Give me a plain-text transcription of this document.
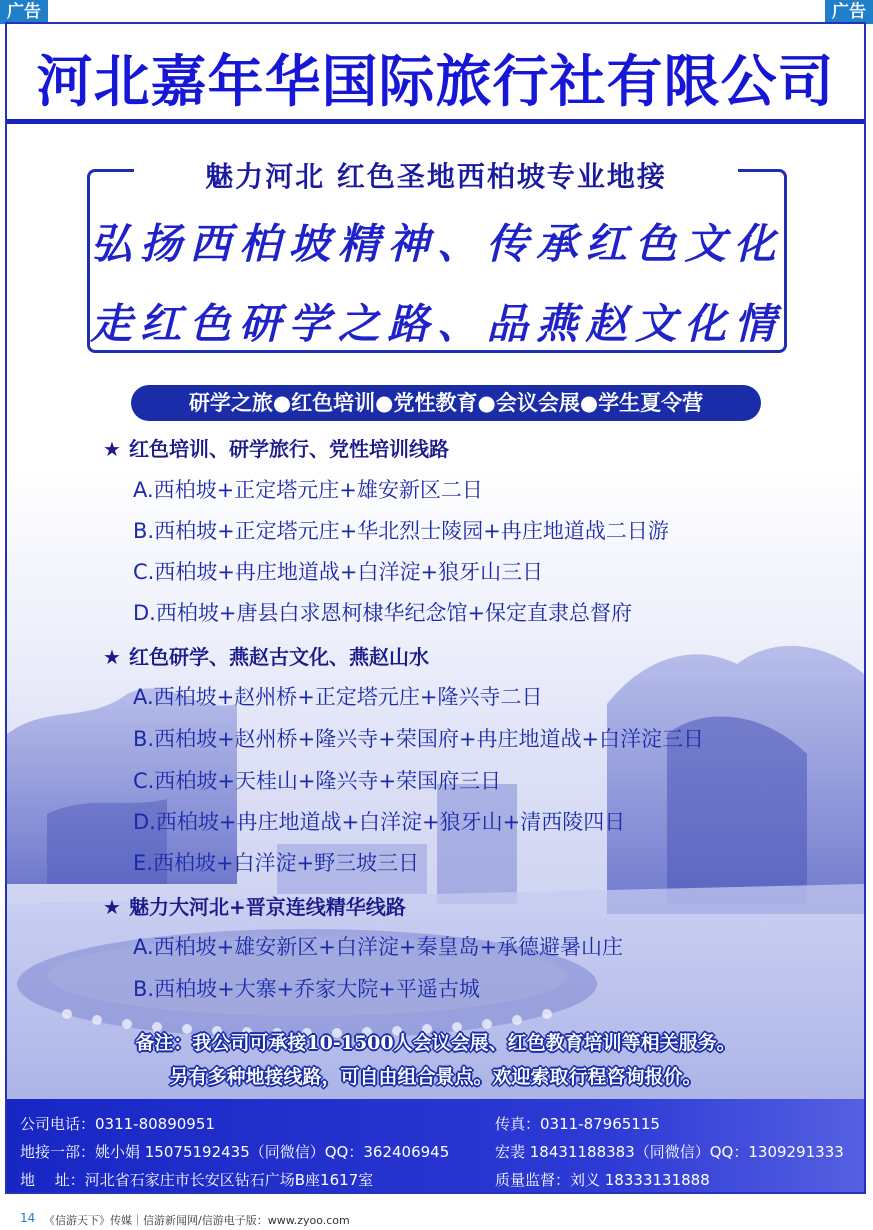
广告	广告
河北嘉年华国际旅行社有限公司
魅力河北 红色圣地西柏坡专业地接
弘扬西柏坡精神、传承红色文化
走红色研学之路、品燕赵文化情
研学之旅●红色培训●党性教育●会议会展●学生夏令营
★ 红色培训、研学旅行、党性培训线路
A.西柏坡+正定塔元庄+雄安新区二日
B.西柏坡+正定塔元庄+华北烈士陵园+冉庄地道战二日游
C.西柏坡+冉庄地道战+白洋淀+狼牙山三日
D.西柏坡+唐县白求恩柯棣华纪念馆+保定直隶总督府
★ 红色研学、燕赵古文化、燕赵山水
A.西柏坡+赵州桥+正定塔元庄+隆兴寺二日
B.西柏坡+赵州桥+隆兴寺+荣国府+冉庄地道战+白洋淀三日
C.西柏坡+天桂山+隆兴寺+荣国府三日
D.西柏坡+冉庄地道战+白洋淀+狼牙山+清西陵四日
E.西柏坡+白洋淀+野三坡三日
★ 魅力大河北+晋京连线精华线路
A.西柏坡+雄安新区+白洋淀+秦皇岛+承德避暑山庄
B.西柏坡+大寨+乔家大院+平遥古城
备注：我公司可承接10-1500人会议会展、红色教育培训等相关服务。
另有多种地接线路，可自由组合景点。欢迎索取行程咨询报价。
公司电话：0311-80890951	传真：0311-87965115
地接一部：姚小娟 15075192435（同微信）QQ：362406945	宏裴 18431188383（同微信）QQ：1309291333
地　 址：河北省石家庄市长安区钻石广场B座1617室	质量监督：刘义 18333131888
14 《信游天下》传媒｜信游新闻网/信游电子版：www.zyoo.com
